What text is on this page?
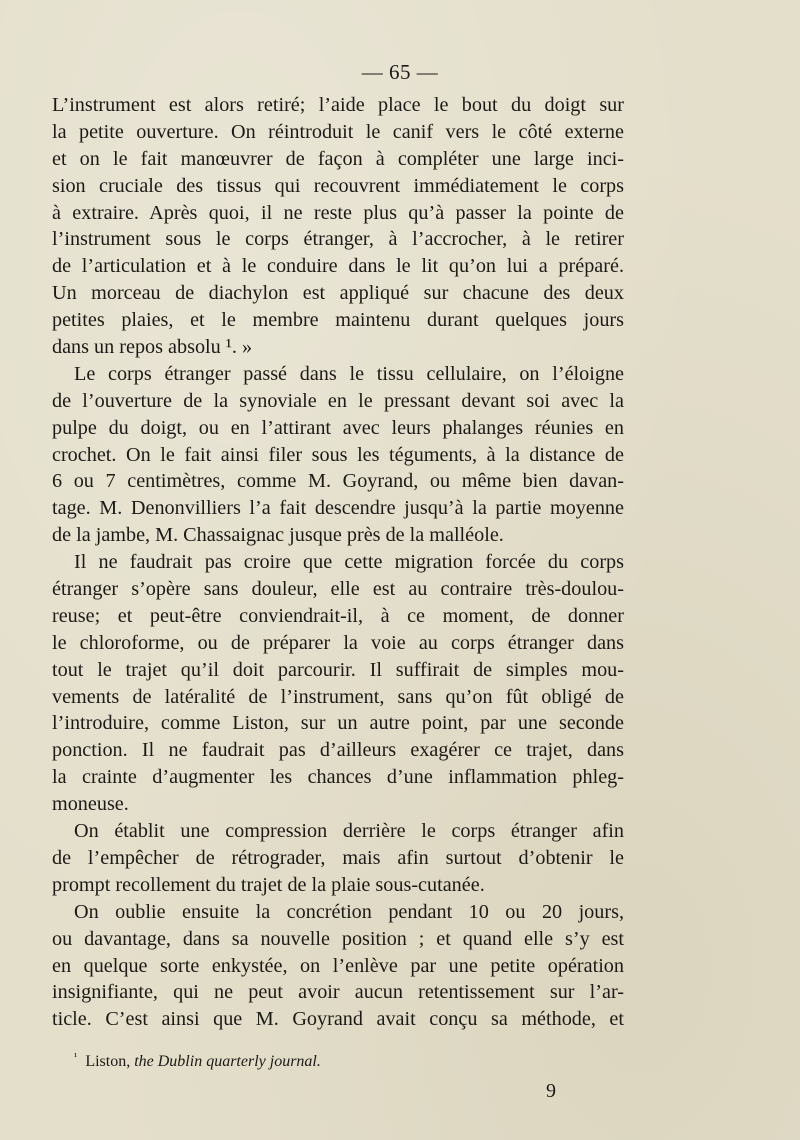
— 65 —
L’instrument est alors retiré; l’aide place le bout du doigt sur
la petite ouverture. On réintroduit le canif vers le côté externe
et on le fait manœuvrer de façon à compléter une large inci-
sion cruciale des tissus qui recouvrent immédiatement le corps
à extraire. Après quoi, il ne reste plus qu’à passer la pointe de
l’instrument sous le corps étranger, à l’accrocher, à le retirer
de l’articulation et à le conduire dans le lit qu’on lui a préparé.
Un morceau de diachylon est appliqué sur chacune des deux
petites plaies, et le membre maintenu durant quelques jours
dans un repos absolu ¹. »
Le corps étranger passé dans le tissu cellulaire, on l’éloigne
de l’ouverture de la synoviale en le pressant devant soi avec la
pulpe du doigt, ou en l’attirant avec leurs phalanges réunies en
crochet. On le fait ainsi filer sous les téguments, à la distance de
6 ou 7 centimètres, comme M. Goyrand, ou même bien davan-
tage. M. Denonvilliers l’a fait descendre jusqu’à la partie moyenne
de la jambe, M. Chassaignac jusque près de la malléole.
Il ne faudrait pas croire que cette migration forcée du corps
étranger s’opère sans douleur, elle est au contraire très-doulou-
reuse; et peut-être conviendrait-il, à ce moment, de donner
le chloroforme, ou de préparer la voie au corps étranger dans
tout le trajet qu’il doit parcourir. Il suffirait de simples mou-
vements de latéralité de l’instrument, sans qu’on fût obligé de
l’introduire, comme Liston, sur un autre point, par une seconde
ponction. Il ne faudrait pas d’ailleurs exagérer ce trajet, dans
la crainte d’augmenter les chances d’une inflammation phleg-
moneuse.
On établit une compression derrière le corps étranger afin
de l’empêcher de rétrograder, mais afin surtout d’obtenir le
prompt recollement du trajet de la plaie sous-cutanée.
On oublie ensuite la concrétion pendant 10 ou 20 jours,
ou davantage, dans sa nouvelle position ; et quand elle s’y est
en quelque sorte enkystée, on l’enlève par une petite opération
insignifiante, qui ne peut avoir aucun retentissement sur l’ar-
ticle. C’est ainsi que M. Goyrand avait conçu sa méthode, et
$^{^1}$ Liston, the Dublin quarterly journal.
9
